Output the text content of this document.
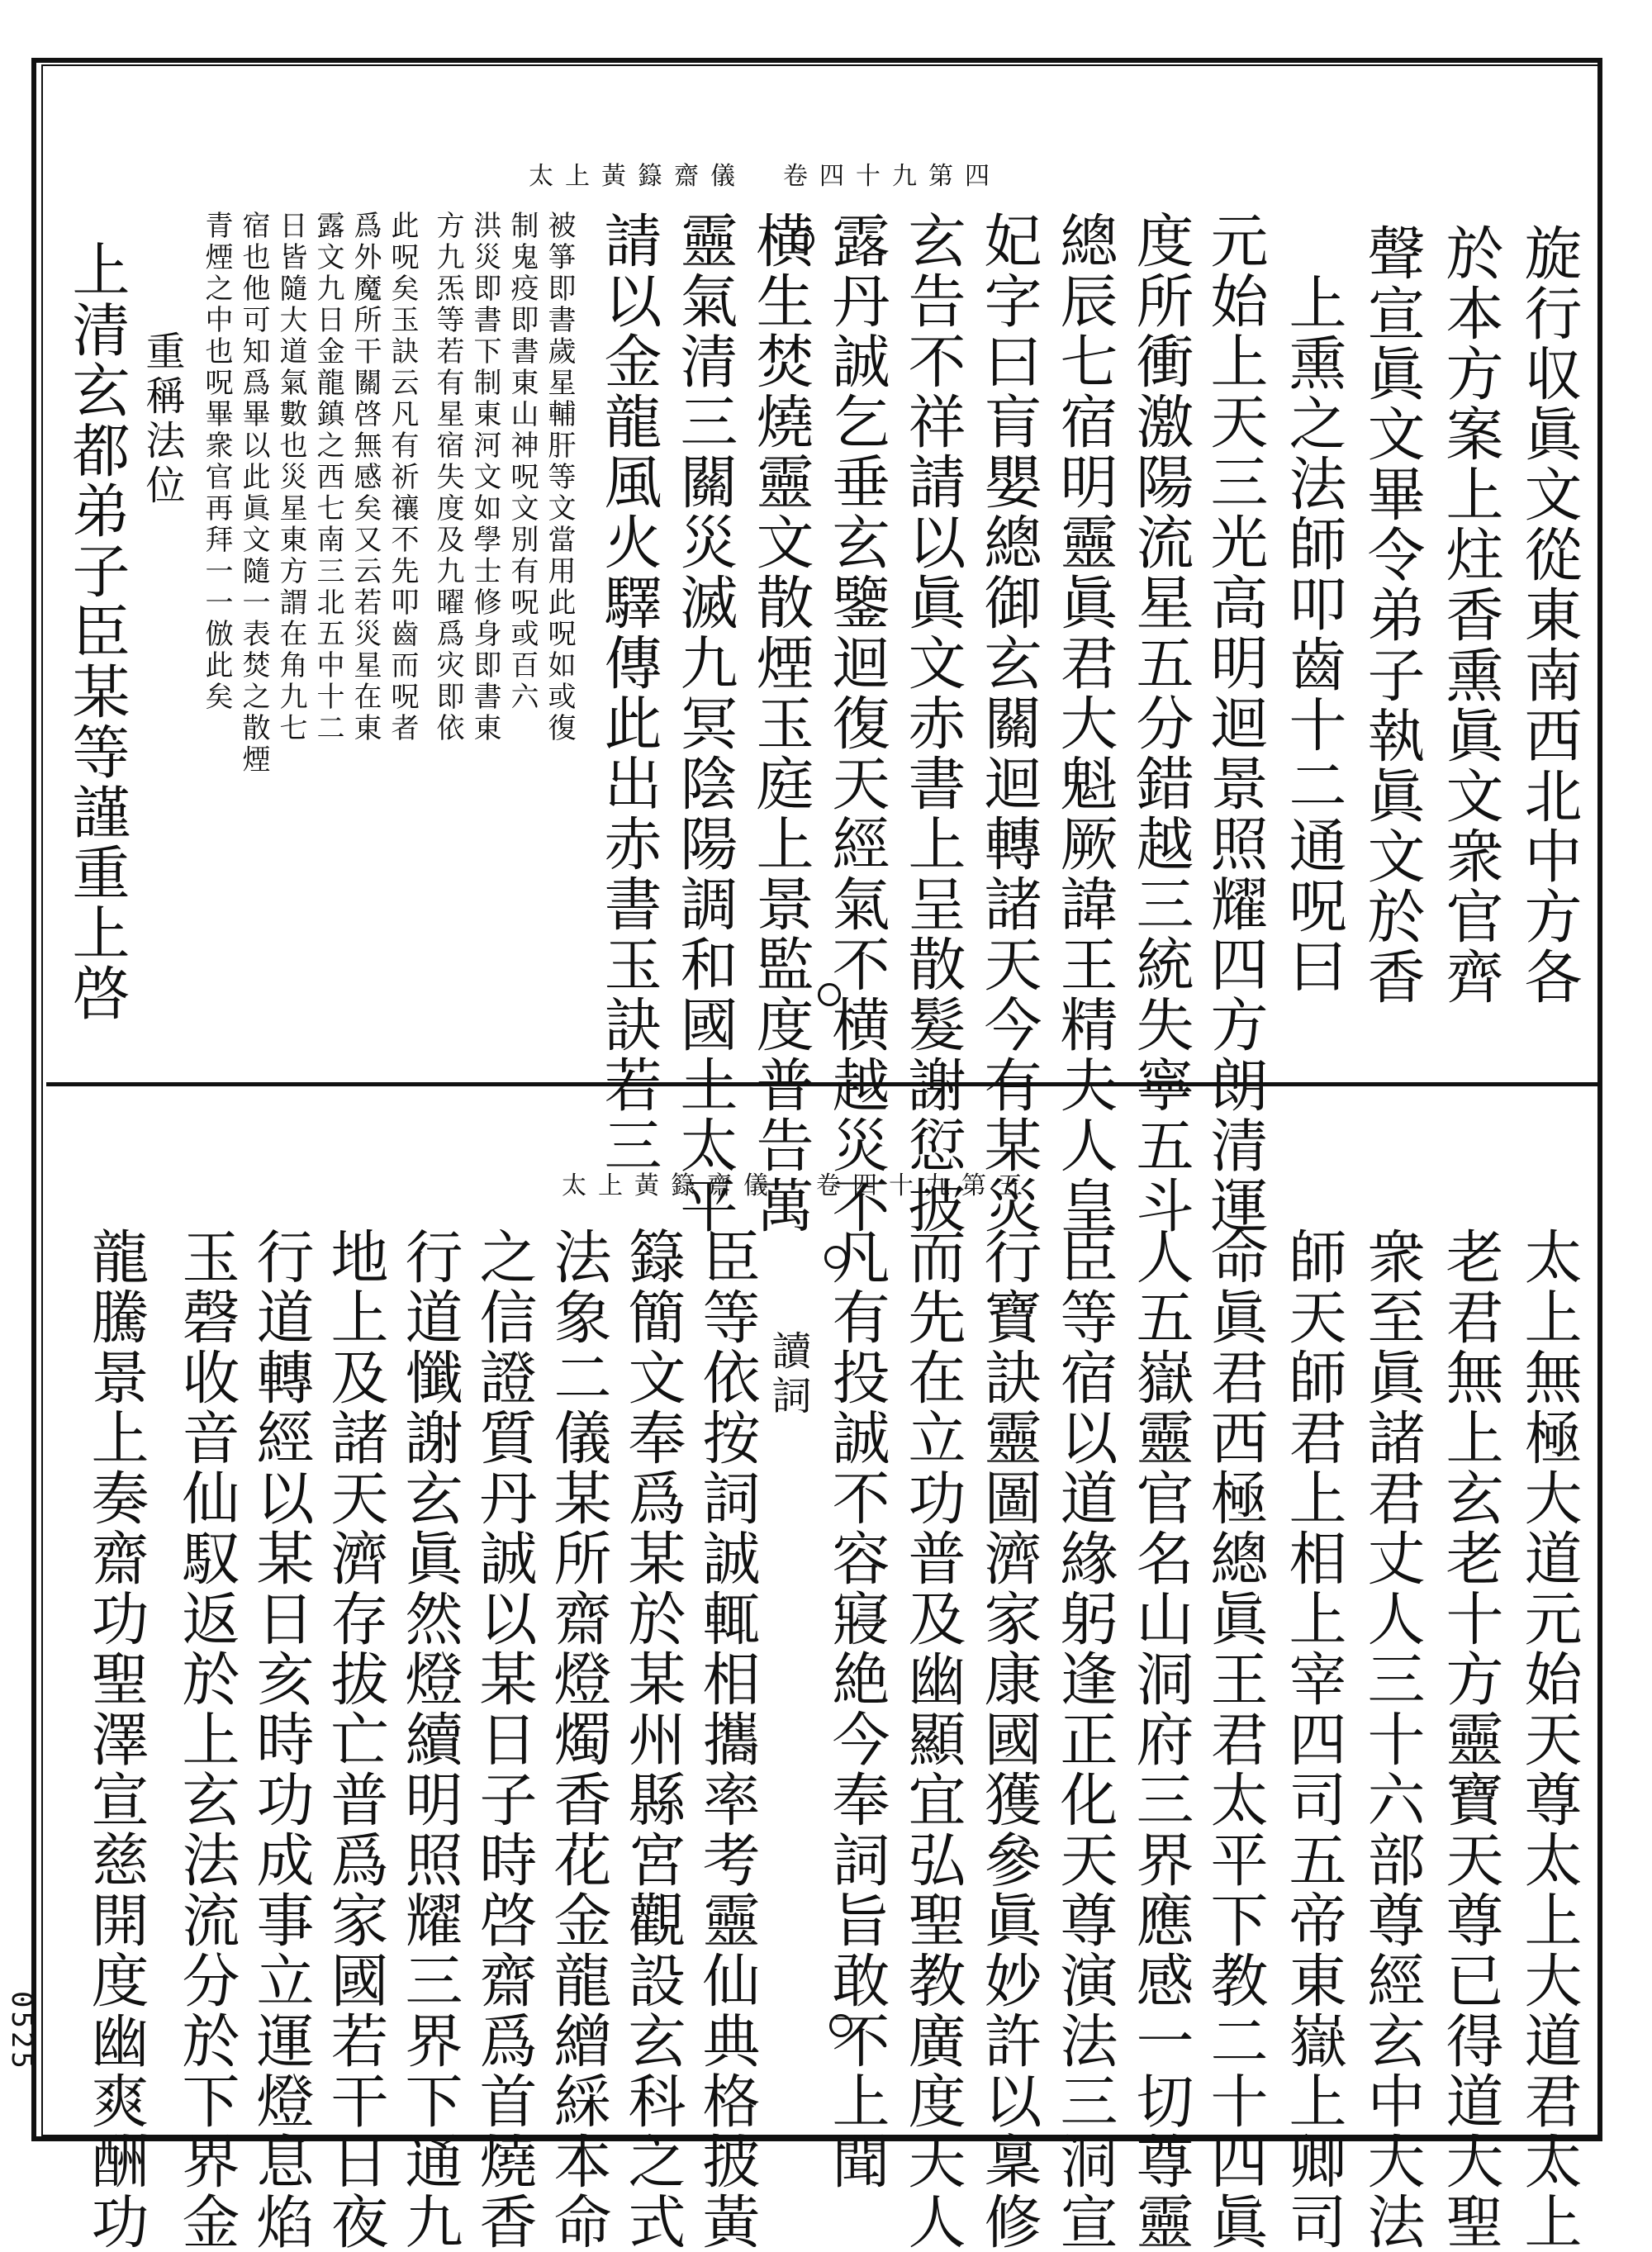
太上黃籙齋儀　卷四十九第四
旋行収眞文從東南西北中方各
於本方案上炷香熏眞文衆官齊
聲宣眞文畢令弟子執眞文於香
上熏之法師叩齒十二通呪曰
元始上天三光高明迴景照耀四方朗清運
度所衝激陽流星五分錯越三統失寧五斗
總辰七宿明靈眞君大魁厥諱王精夫人皇
妃字曰肓嬰總御玄關迴轉諸天今有某災
玄告不祥請以眞文赤書上呈散髮謝愆披
露丹誠乞垂玄鑒迴復天經氣不横越災不
横生焚燒靈文散煙玉庭上景監度普告萬
靈氣清三關災滅九冥陰陽調和國土太平
請以金龍風火驛傳此出赤書玉訣若三
被箏即書歲星輔肝等文當用此呪如或復
制鬼疫即書東山神呪文別有呪或百六
洪災即書下制東河文如學士修身即書東
方九炁等若有星宿失度及九曜爲灾即依
此呪矣玉訣云凡有祈禳不先叩齒而呪者
爲外魔所干關啓無感矣又云若災星在東
露文九日金龍鎮之西七南三北五中十二
日皆隨大道氣數也災星東方謂在角九七
宿也他可知爲畢以此眞文隨一表焚之散煙
青煙之中也呪畢衆官再拜一一倣此矣
重稱法位
上清玄都弟子臣某等謹重上啓
太上黃籙齋儀　卷四十九第五
太上無極大道元始天尊太上大道君太上
老君無上玄老十方靈寶天尊已得道大聖
衆至眞諸君丈人三十六部尊經玄中大法
師天師君上相上宰四司五帝東嶽上卿司
命眞君西極總眞王君太平下教二十四眞
人五嶽靈官名山洞府三界應感一切尊靈
臣等宿以道緣躬逢正化天尊演法三洞宣
行寶訣靈圖濟家康國獲參眞妙許以稟修
而先在立功普及幽顯宜弘聖教廣度天人
凡有投誠不容寢絶今奉詞旨敢不上聞
讀詞
臣等依按詞誠輒相攜率考靈仙典格披黃
籙簡文奉爲某於某州縣宮觀設玄科之式
法象二儀某所齋燈燭香花金龍繒綵本命
之信證質丹誠以某日子時啓齋爲首燒香
行道懺謝玄眞然燈續明照耀三界下通九
地上及諸天濟存拔亡普爲家國若干日夜
行道轉經以某日亥時功成事立運燈息焰
玉磬收音仙馭返於上玄法流分於下界金
龍騰景上奏齋功聖澤宣慈開度幽爽酬功
0525
